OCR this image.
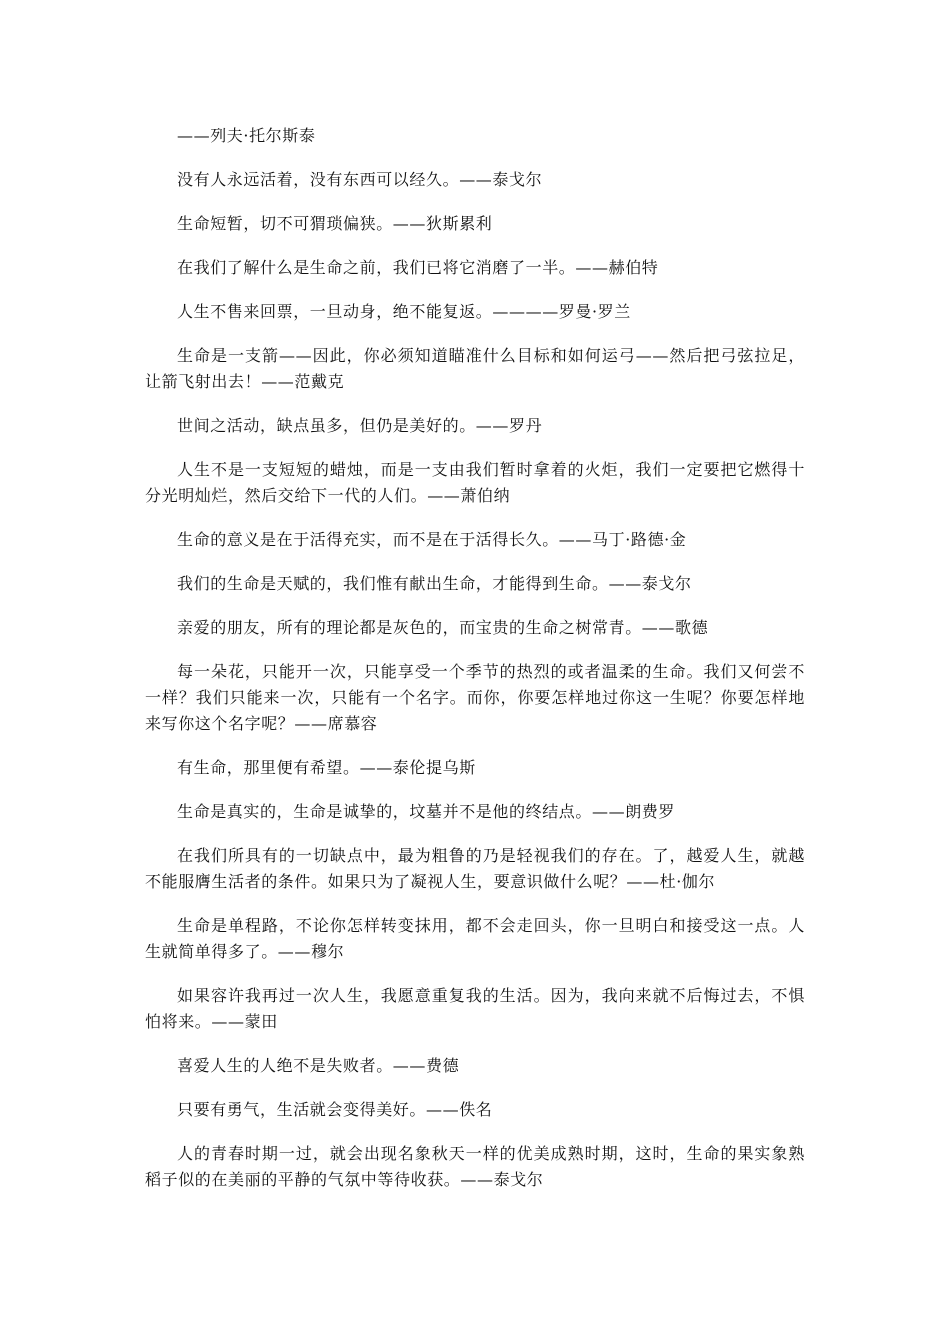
——列夫·托尔斯泰

没有人永远活着，没有东西可以经久。——泰戈尔

生命短暂，切不可猬琐偏狭。——狄斯累利

在我们了解什么是生命之前，我们已将它消磨了一半。——赫伯特

人生不售来回票，一旦动身，绝不能复返。————罗曼·罗兰

生命是一支箭——因此，你必须知道瞄准什么目标和如何运弓——然后把弓弦拉足，让箭飞射出去！——范戴克

世间之活动，缺点虽多，但仍是美好的。——罗丹

人生不是一支短短的蜡烛，而是一支由我们暂时拿着的火炬，我们一定要把它燃得十分光明灿烂，然后交给下一代的人们。——萧伯纳

生命的意义是在于活得充实，而不是在于活得长久。——马丁·路德·金

我们的生命是天赋的，我们惟有献出生命，才能得到生命。——泰戈尔

亲爱的朋友，所有的理论都是灰色的，而宝贵的生命之树常青。——歌德

每一朵花，只能开一次，只能享受一个季节的热烈的或者温柔的生命。我们又何尝不一样？我们只能来一次，只能有一个名字。而你，你要怎样地过你这一生呢？你要怎样地来写你这个名字呢？——席慕容

有生命，那里便有希望。——泰伦提乌斯

生命是真实的，生命是诚挚的，坟墓并不是他的终结点。——朗费罗

在我们所具有的一切缺点中，最为粗鲁的乃是轻视我们的存在。了，越爱人生，就越不能服膺生活者的条件。如果只为了凝视人生，要意识做什么呢？——杜·伽尔

生命是单程路，不论你怎样转变抹用，都不会走回头，你一旦明白和接受这一点。人生就简单得多了。——穆尔

如果容许我再过一次人生，我愿意重复我的生活。因为，我向来就不后悔过去，不惧怕将来。——蒙田

喜爱人生的人绝不是失败者。——费德

只要有勇气，生活就会变得美好。——佚名

人的青春时期一过，就会出现名象秋天一样的优美成熟时期，这时，生命的果实象熟稻子似的在美丽的平静的气氛中等待收获。——泰戈尔
